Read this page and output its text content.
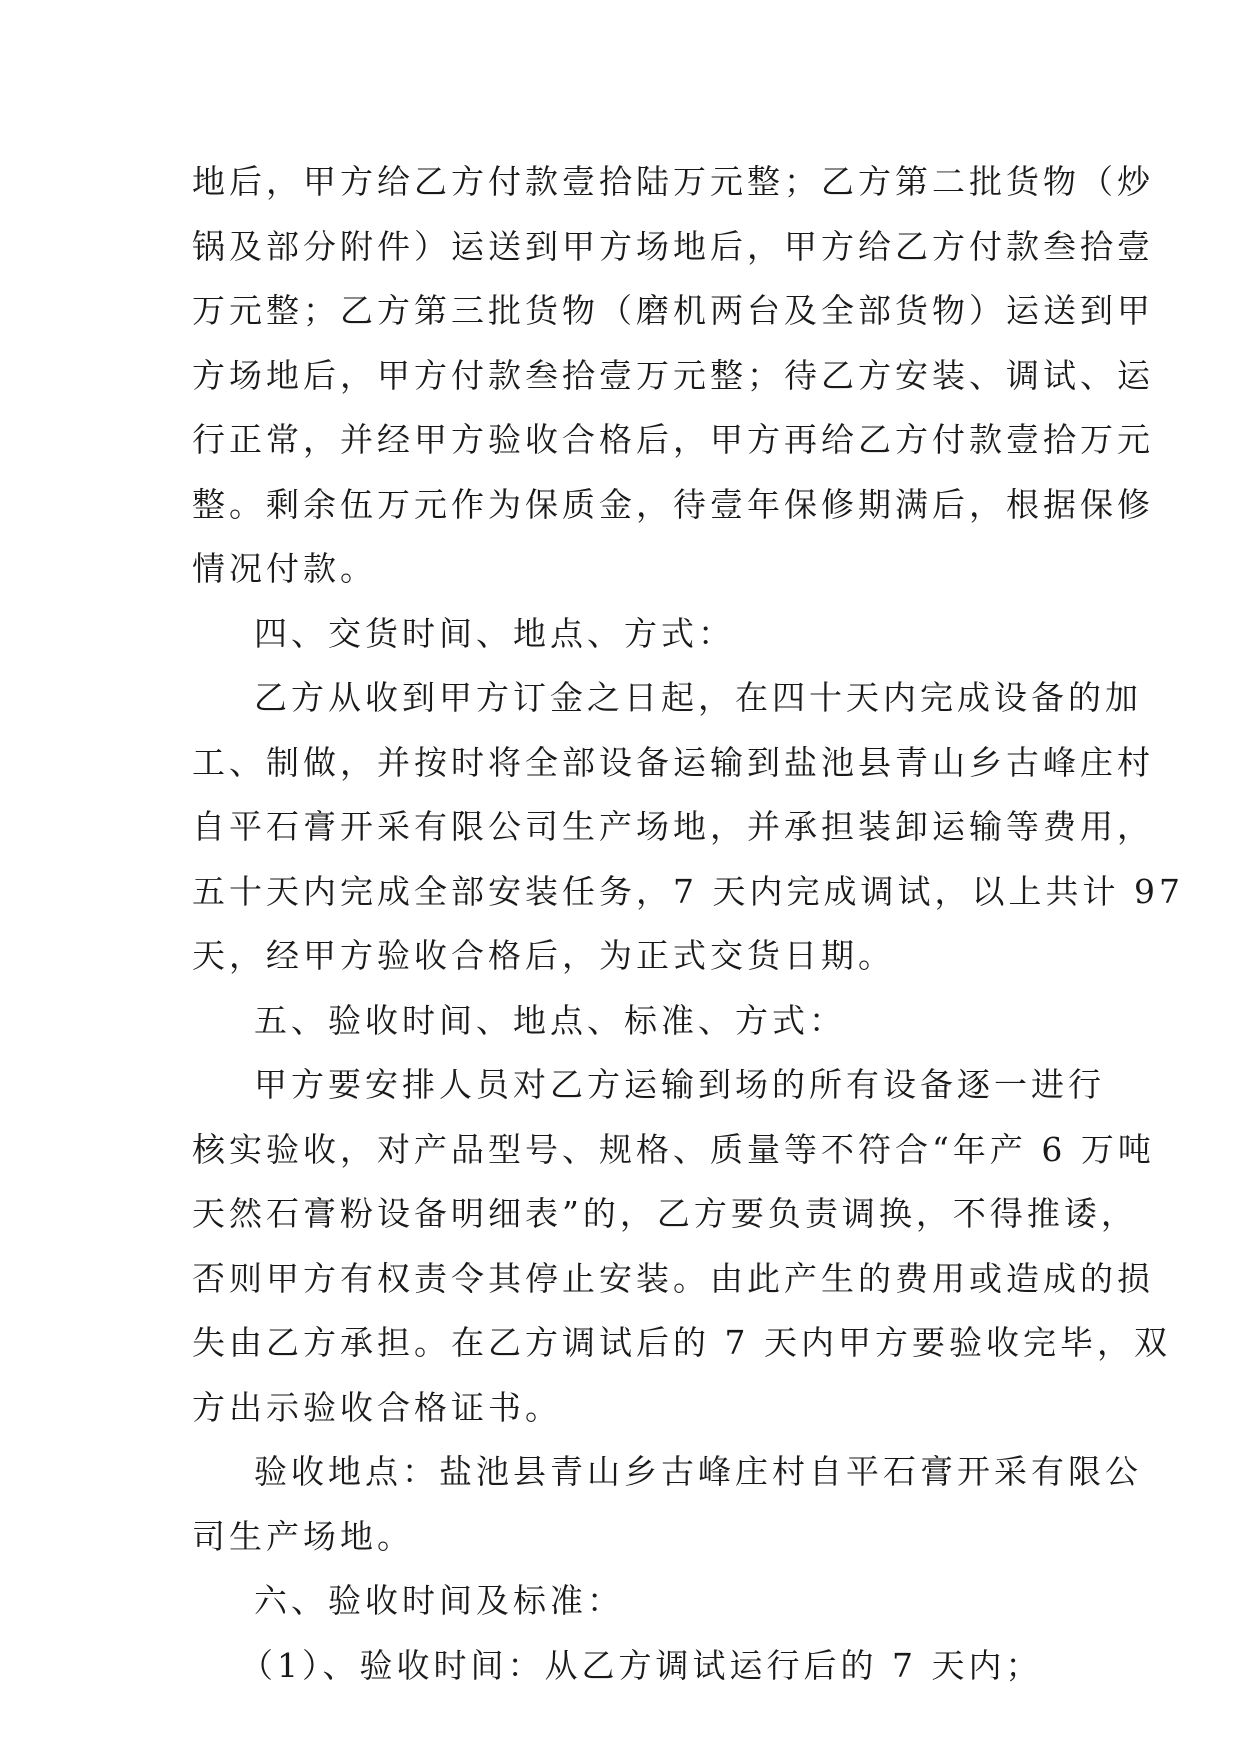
地后，甲方给乙方付款壹拾陆万元整；乙方第二批货物（炒
锅及部分附件）运送到甲方场地后，甲方给乙方付款叁拾壹
万元整；乙方第三批货物（磨机两台及全部货物）运送到甲
方场地后，甲方付款叁拾壹万元整；待乙方安装、调试、运
行正常，并经甲方验收合格后，甲方再给乙方付款壹拾万元
整。剩余伍万元作为保质金，待壹年保修期满后，根据保修
情况付款。
四、交货时间、地点、方式：
乙方从收到甲方订金之日起，在四十天内完成设备的加
工、制做，并按时将全部设备运输到盐池县青山乡古峰庄村
自平石膏开采有限公司生产场地，并承担装卸运输等费用，
五十天内完成全部安装任务，7 天内完成调试，以上共计 97
天，经甲方验收合格后，为正式交货日期。
五、验收时间、地点、标准、方式：
甲方要安排人员对乙方运输到场的所有设备逐一进行
核实验收，对产品型号、规格、质量等不符合“年产 6 万吨
天然石膏粉设备明细表”的，乙方要负责调换，不得推诿，
否则甲方有权责令其停止安装。由此产生的费用或造成的损
失由乙方承担。在乙方调试后的 7 天内甲方要验收完毕，双
方出示验收合格证书。
验收地点：盐池县青山乡古峰庄村自平石膏开采有限公
司生产场地。
六、验收时间及标准：
（1）、验收时间：从乙方调试运行后的 7 天内；
